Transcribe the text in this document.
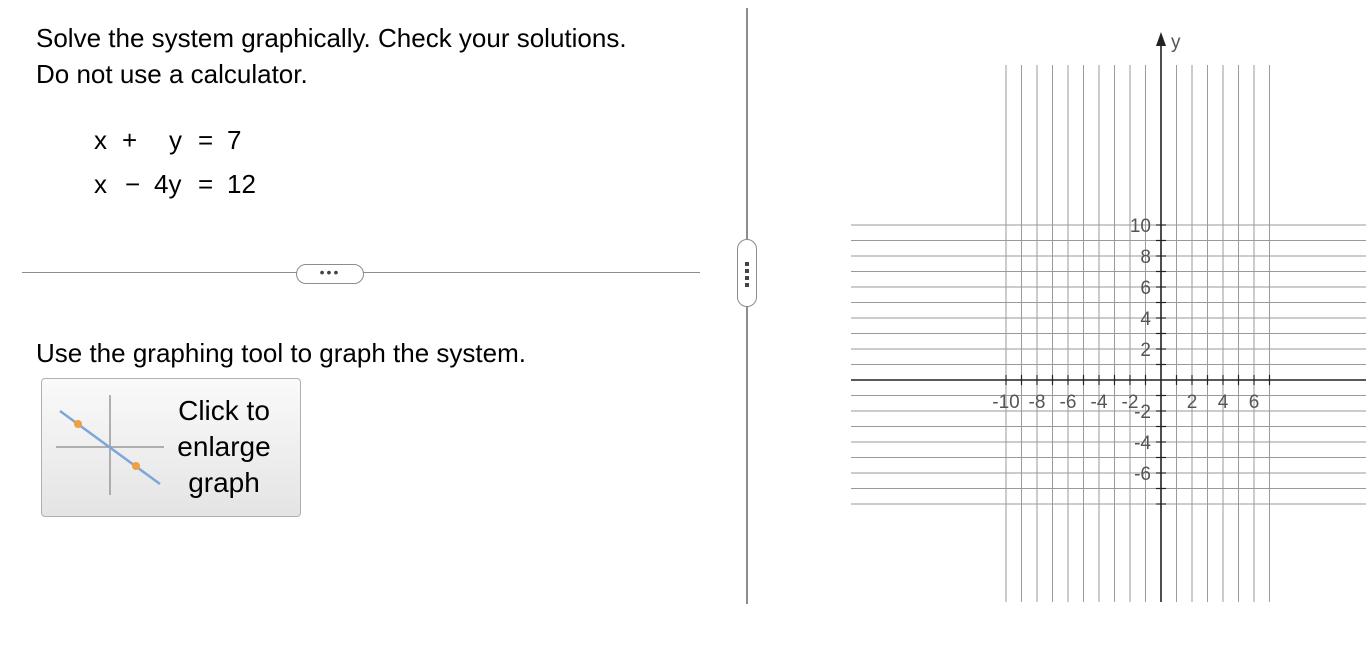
Solve the system graphically. Check your solutions.
Do not use a calculator.
x + y = 7
x − 4y = 12
•••
Use the graphing tool to graph the system.
Click to
enlarge
graph
-10 -8 -6 -4 -2	2 4 6
10
8
6
4
2
-2
-4
-6
y
